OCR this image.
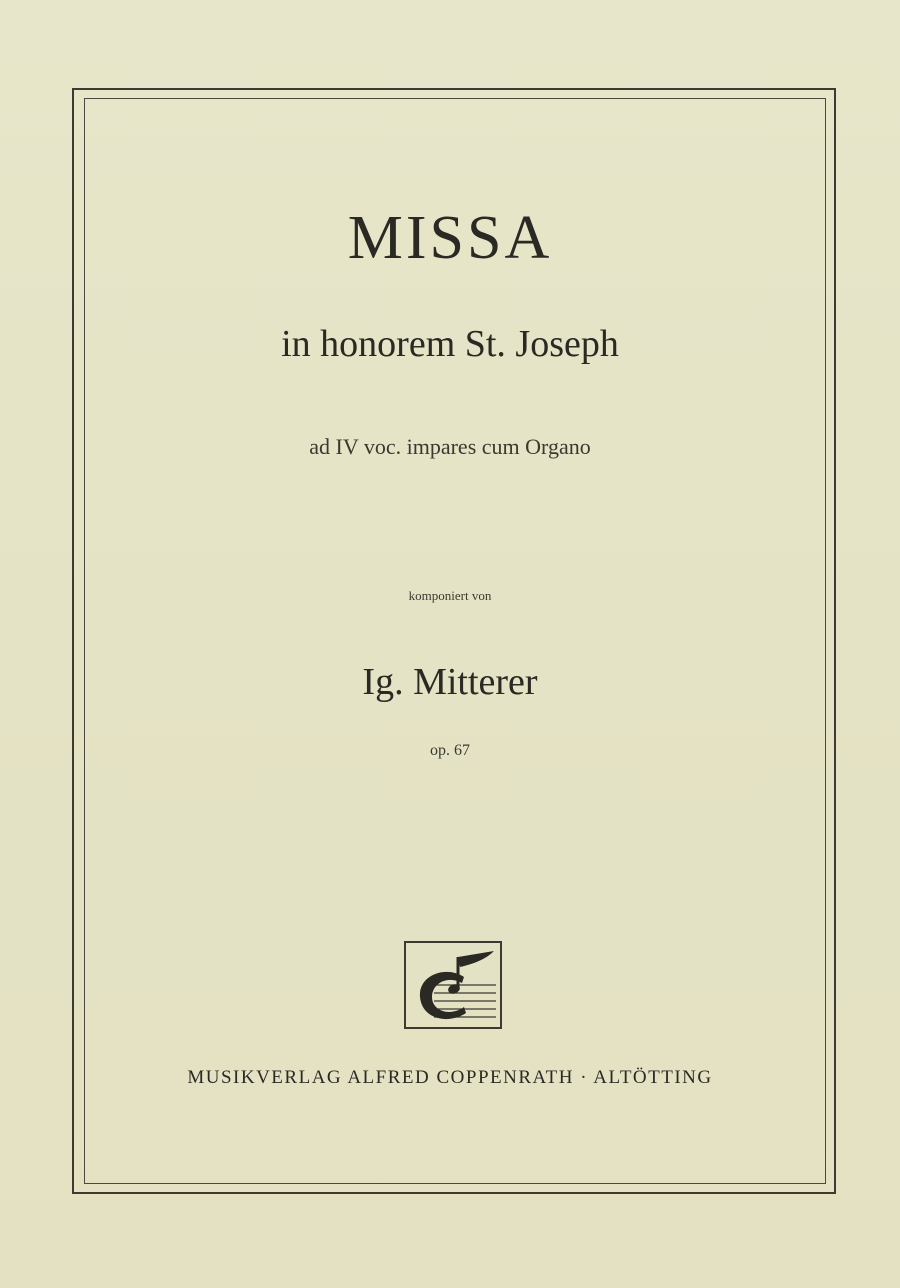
MISSA
in honorem St. Joseph
ad IV voc. impares cum Organo
komponiert von
Ig. Mitterer
op. 67
MUSIKVERLAG ALFRED COPPENRATH · ALTÖTTING
